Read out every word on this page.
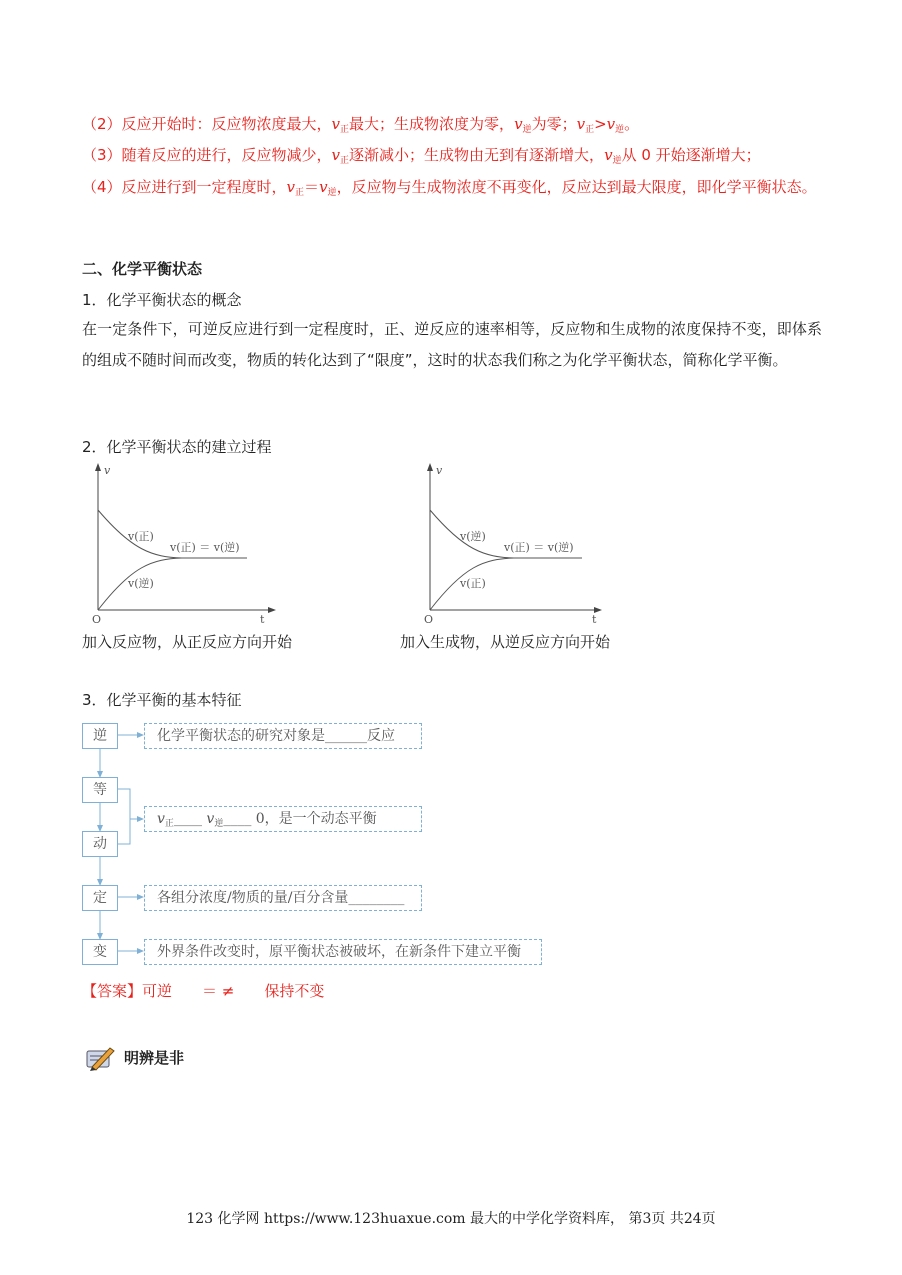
（2）反应开始时：反应物浓度最大，$v_正$最大；生成物浓度为零，$v_逆$为零；$v_正>v_逆$。
（3）随着反应的进行，反应物减少，$v_正$逐渐减小；生成物由无到有逐渐增大，$v_逆$从 0 开始逐渐增大；
（4）反应进行到一定程度时，$v_正=v_逆$，反应物与生成物浓度不再变化，反应达到最大限度，即化学平衡状态。
二、化学平衡状态
1．化学平衡状态的概念
在一定条件下，可逆反应进行到一定程度时，正、逆反应的速率相等，反应物和生成物的浓度保持不变，即体系的组成不随时间而改变，物质的转化达到了“限度”，这时的状态我们称之为化学平衡状态，简称化学平衡。
2．化学平衡状态的建立过程
v
t
O
v(正)
v(逆)
v(正) ＝ v(逆)
加入反应物，从正反应方向开始
v
t
O
v(逆)
v(正)
v(正) ＝ v(逆)
加入生成物，从逆反应方向开始
3．化学平衡的基本特征
逆
等
动
定
变
化学平衡状态的研究对象是______反应
$v_正\_\_\_\_$ $v_逆\_\_\_\_$ 0，是一个动态平衡
各组分浓度/物质的量/百分含量________
外界条件改变时，原平衡状态被破坏，在新条件下建立平衡
【答案】可逆　　＝ ≠　　保持不变
明辨是非
123 化学网 https://www.123huaxue.com 最大的中学化学资料库， 第3页 共24页
